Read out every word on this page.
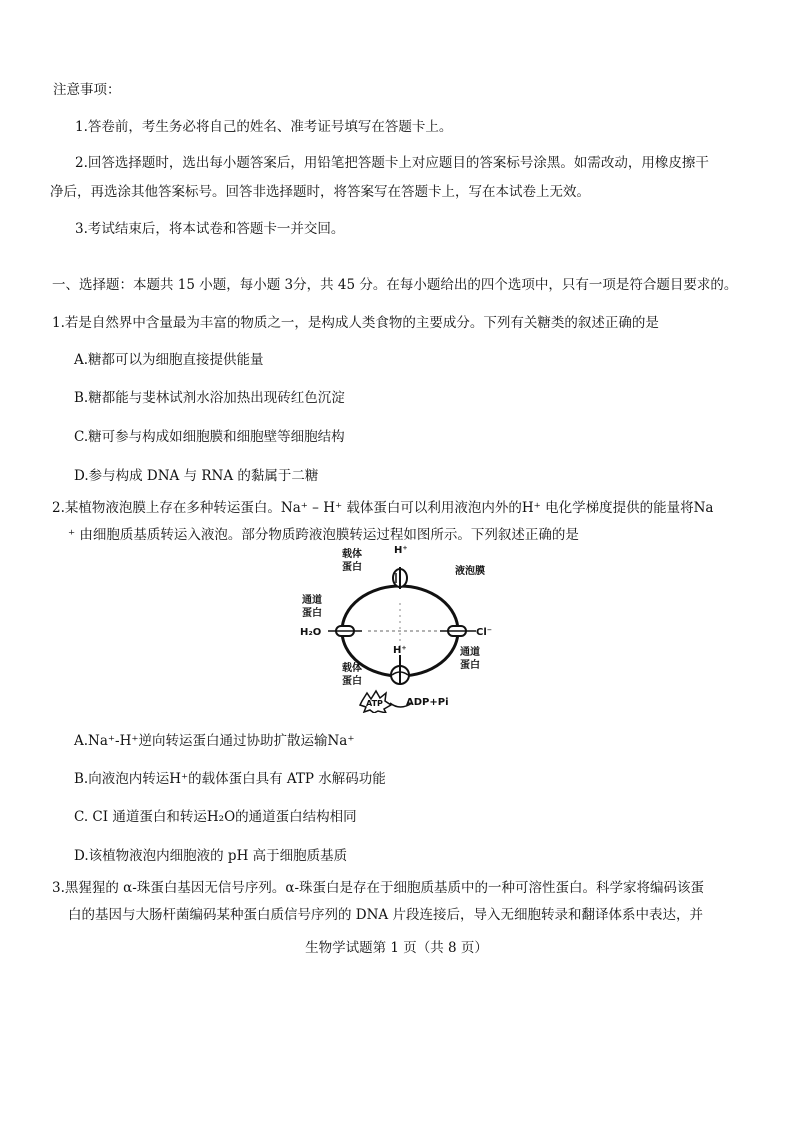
注意事项：
1.答卷前，考生务必将自己的姓名、准考证号填写在答题卡上。
2.回答选择题时，选出每小题答案后，用铅笔把答题卡上对应题目的答案标号涂黑。如需改动，用橡皮擦干
净后，再选涂其他答案标号。回答非选择题时，将答案写在答题卡上，写在本试卷上无效。
3.考试结束后，将本试卷和答题卡一并交回。
一、选择题：本题共 15 小题，每小题 3分，共 45 分。在每小题给出的四个选项中，只有一项是符合题目要求的。
1.若是自然界中含量最为丰富的物质之一，是构成人类食物的主要成分。下列有关糖类的叙述正确的是
A.糖都可以为细胞直接提供能量
B.糖都能与斐林试剂水浴加热出现砖红色沉淀
C.糖可参与构成如细胞膜和细胞壁等细胞结构
D.参与构成 DNA 与 RNA 的黏属于二糖
2.某植物液泡膜上存在多种转运蛋白。Na⁺ – H⁺ 载体蛋白可以利用液泡内外的H⁺ 电化学梯度提供的能量将Na
⁺ 由细胞质基质转运入液泡。部分物质跨液泡膜转运过程如图所示。下列叙述正确的是
载体
蛋白
H⁺
液泡膜
通道
蛋白
H₂O	Cl⁻
通道
蛋白
H⁺
载体
蛋白
ATP ADP+Pi
A.Na⁺-H⁺逆向转运蛋白通过协助扩散运输Na⁺
B.向液泡内转运H⁺的载体蛋白具有 ATP 水解码功能
C. CI 通道蛋白和转运H₂O的通道蛋白结构相同
D.该植物液泡内细胞液的 pH 高于细胞质基质
3.黑猩猩的 α-珠蛋白基因无信号序列。α-珠蛋白是存在于细胞质基质中的一种可溶性蛋白。科学家将编码该蛋
白的基因与大肠杆菌编码某种蛋白质信号序列的 DNA 片段连接后，导入无细胞转录和翻译体系中表达，并
生物学试题第 1 页（共 8 页）
